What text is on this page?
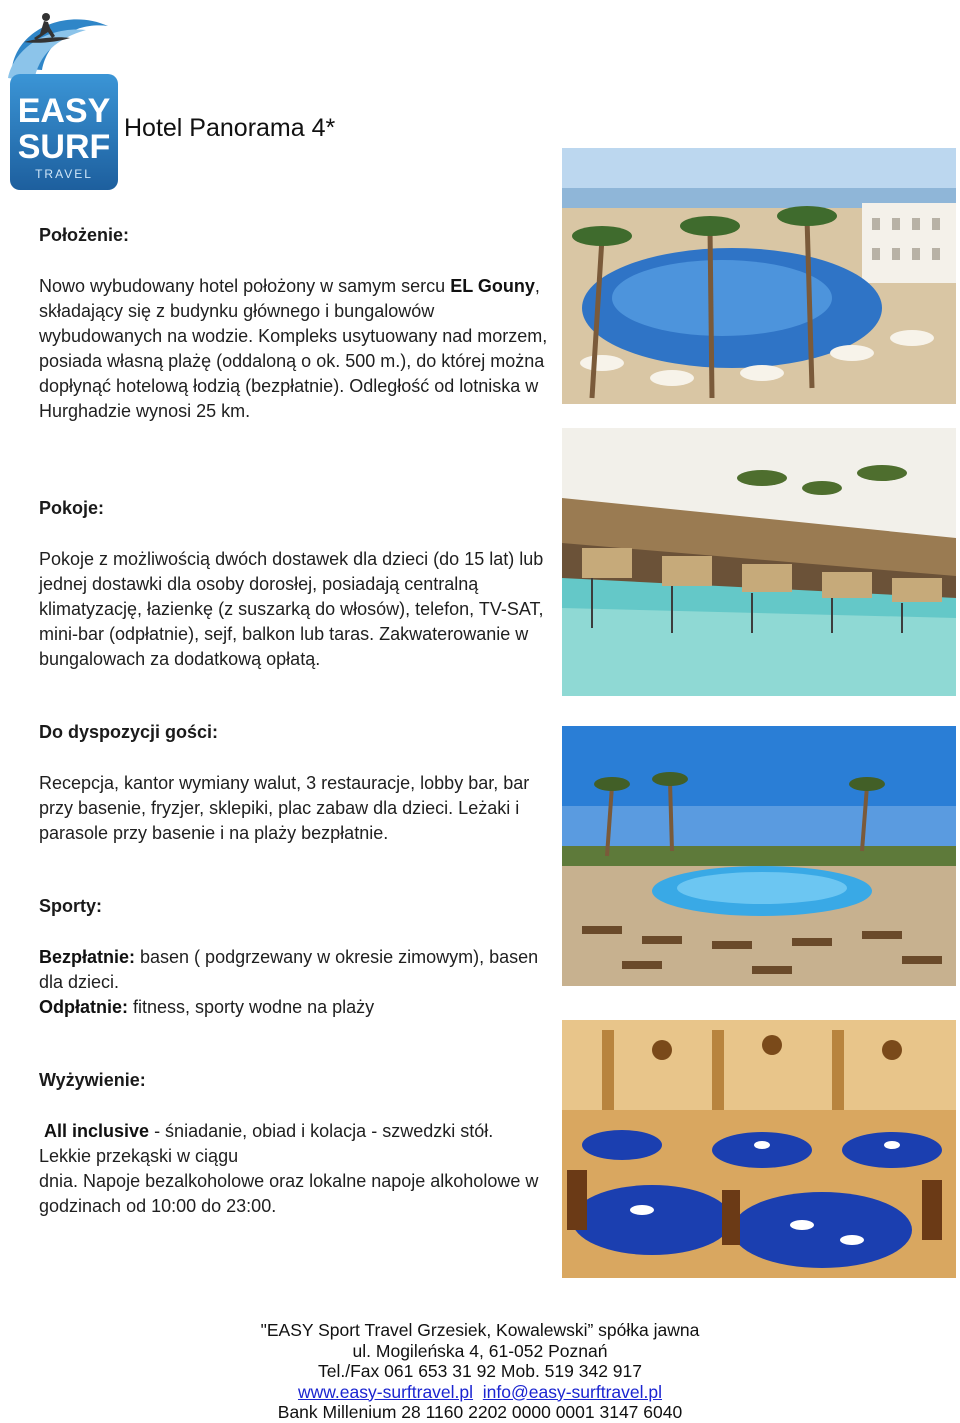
EASY
SURF
TRAVEL
Hotel Panorama 4*
Położenie:

Nowo wybudowany hotel położony w samym sercu EL Gouny, składający się z budynku głównego i bungalowów wybudowanych na wodzie. Kompleks usytuowany nad morzem, posiada własną plażę (oddaloną o ok. 500 m.), do której można dopłynąć hotelową łodzią (bezpłatnie). Odległość od lotniska w Hurghadzie wynosi 25 km.

Pokoje:

Pokoje z możliwością dwóch dostawek dla dzieci (do 15 lat) lub jednej dostawki dla osoby dorosłej, posiadają centralną klimatyzację, łazienkę (z suszarką do włosów), telefon, TV-SAT, mini-bar (odpłatnie), sejf, balkon lub taras. Zakwaterowanie w bungalowach za dodatkową opłatą.

Do dyspozycji gości:

Recepcja, kantor wymiany walut, 3 restauracje, lobby bar, bar przy basenie, fryzjer, sklepiki, plac zabaw dla dzieci. Leżaki i parasole przy basenie i na plaży bezpłatnie.

Sporty:

Bezpłatnie: basen ( podgrzewany w okresie zimowym), basen dla dzieci.

Odpłatnie: fitness, sporty wodne na plaży

Wyżywienie:

All inclusive - śniadanie, obiad i kolacja - szwedzki stół.

Lekkie przekąski w ciągu

dnia. Napoje bezalkoholowe oraz lokalne napoje alkoholowe w godzinach od 10:00 do 23:00.

"EASY Sport Travel Grzesiek, Kowalewski” spółka jawna
ul. Mogileńska 4, 61-052 Poznań
Tel./Fax 061 653 31 92 Mob. 519 342 917
www.easy-surftravel.pl info@easy-surftravel.pl
Bank Millenium 28 1160 2202 0000 0001 3147 6040
